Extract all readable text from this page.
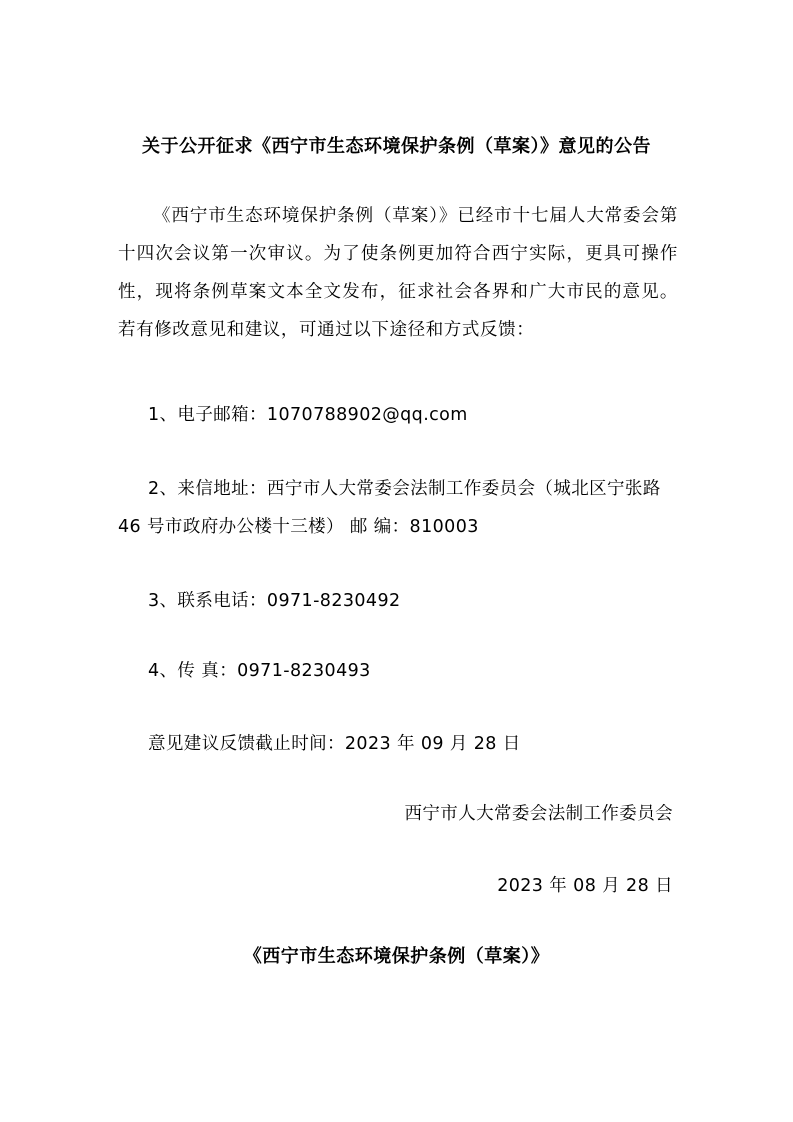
关于公开征求《西宁市生态环境保护条例（草案）》意见的公告
《西宁市生态环境保护条例（草案）》已经市十七届人大常委会第十四次会议第一次审议。为了使条例更加符合西宁实际，更具可操作性，现将条例草案文本全文发布，征求社会各界和广大市民的意见。若有修改意见和建议，可通过以下途径和方式反馈：
1、电子邮箱：1070788902@qq.com
2、来信地址：西宁市人大常委会法制工作委员会（城北区宁张路
46 号市政府办公楼十三楼） 邮 编：810003
3、联系电话：0971-8230492
4、传 真：0971-8230493
意见建议反馈截止时间：2023 年 09 月 28 日
西宁市人大常委会法制工作委员会
2023 年 08 月 28 日
《西宁市生态环境保护条例（草案）》
